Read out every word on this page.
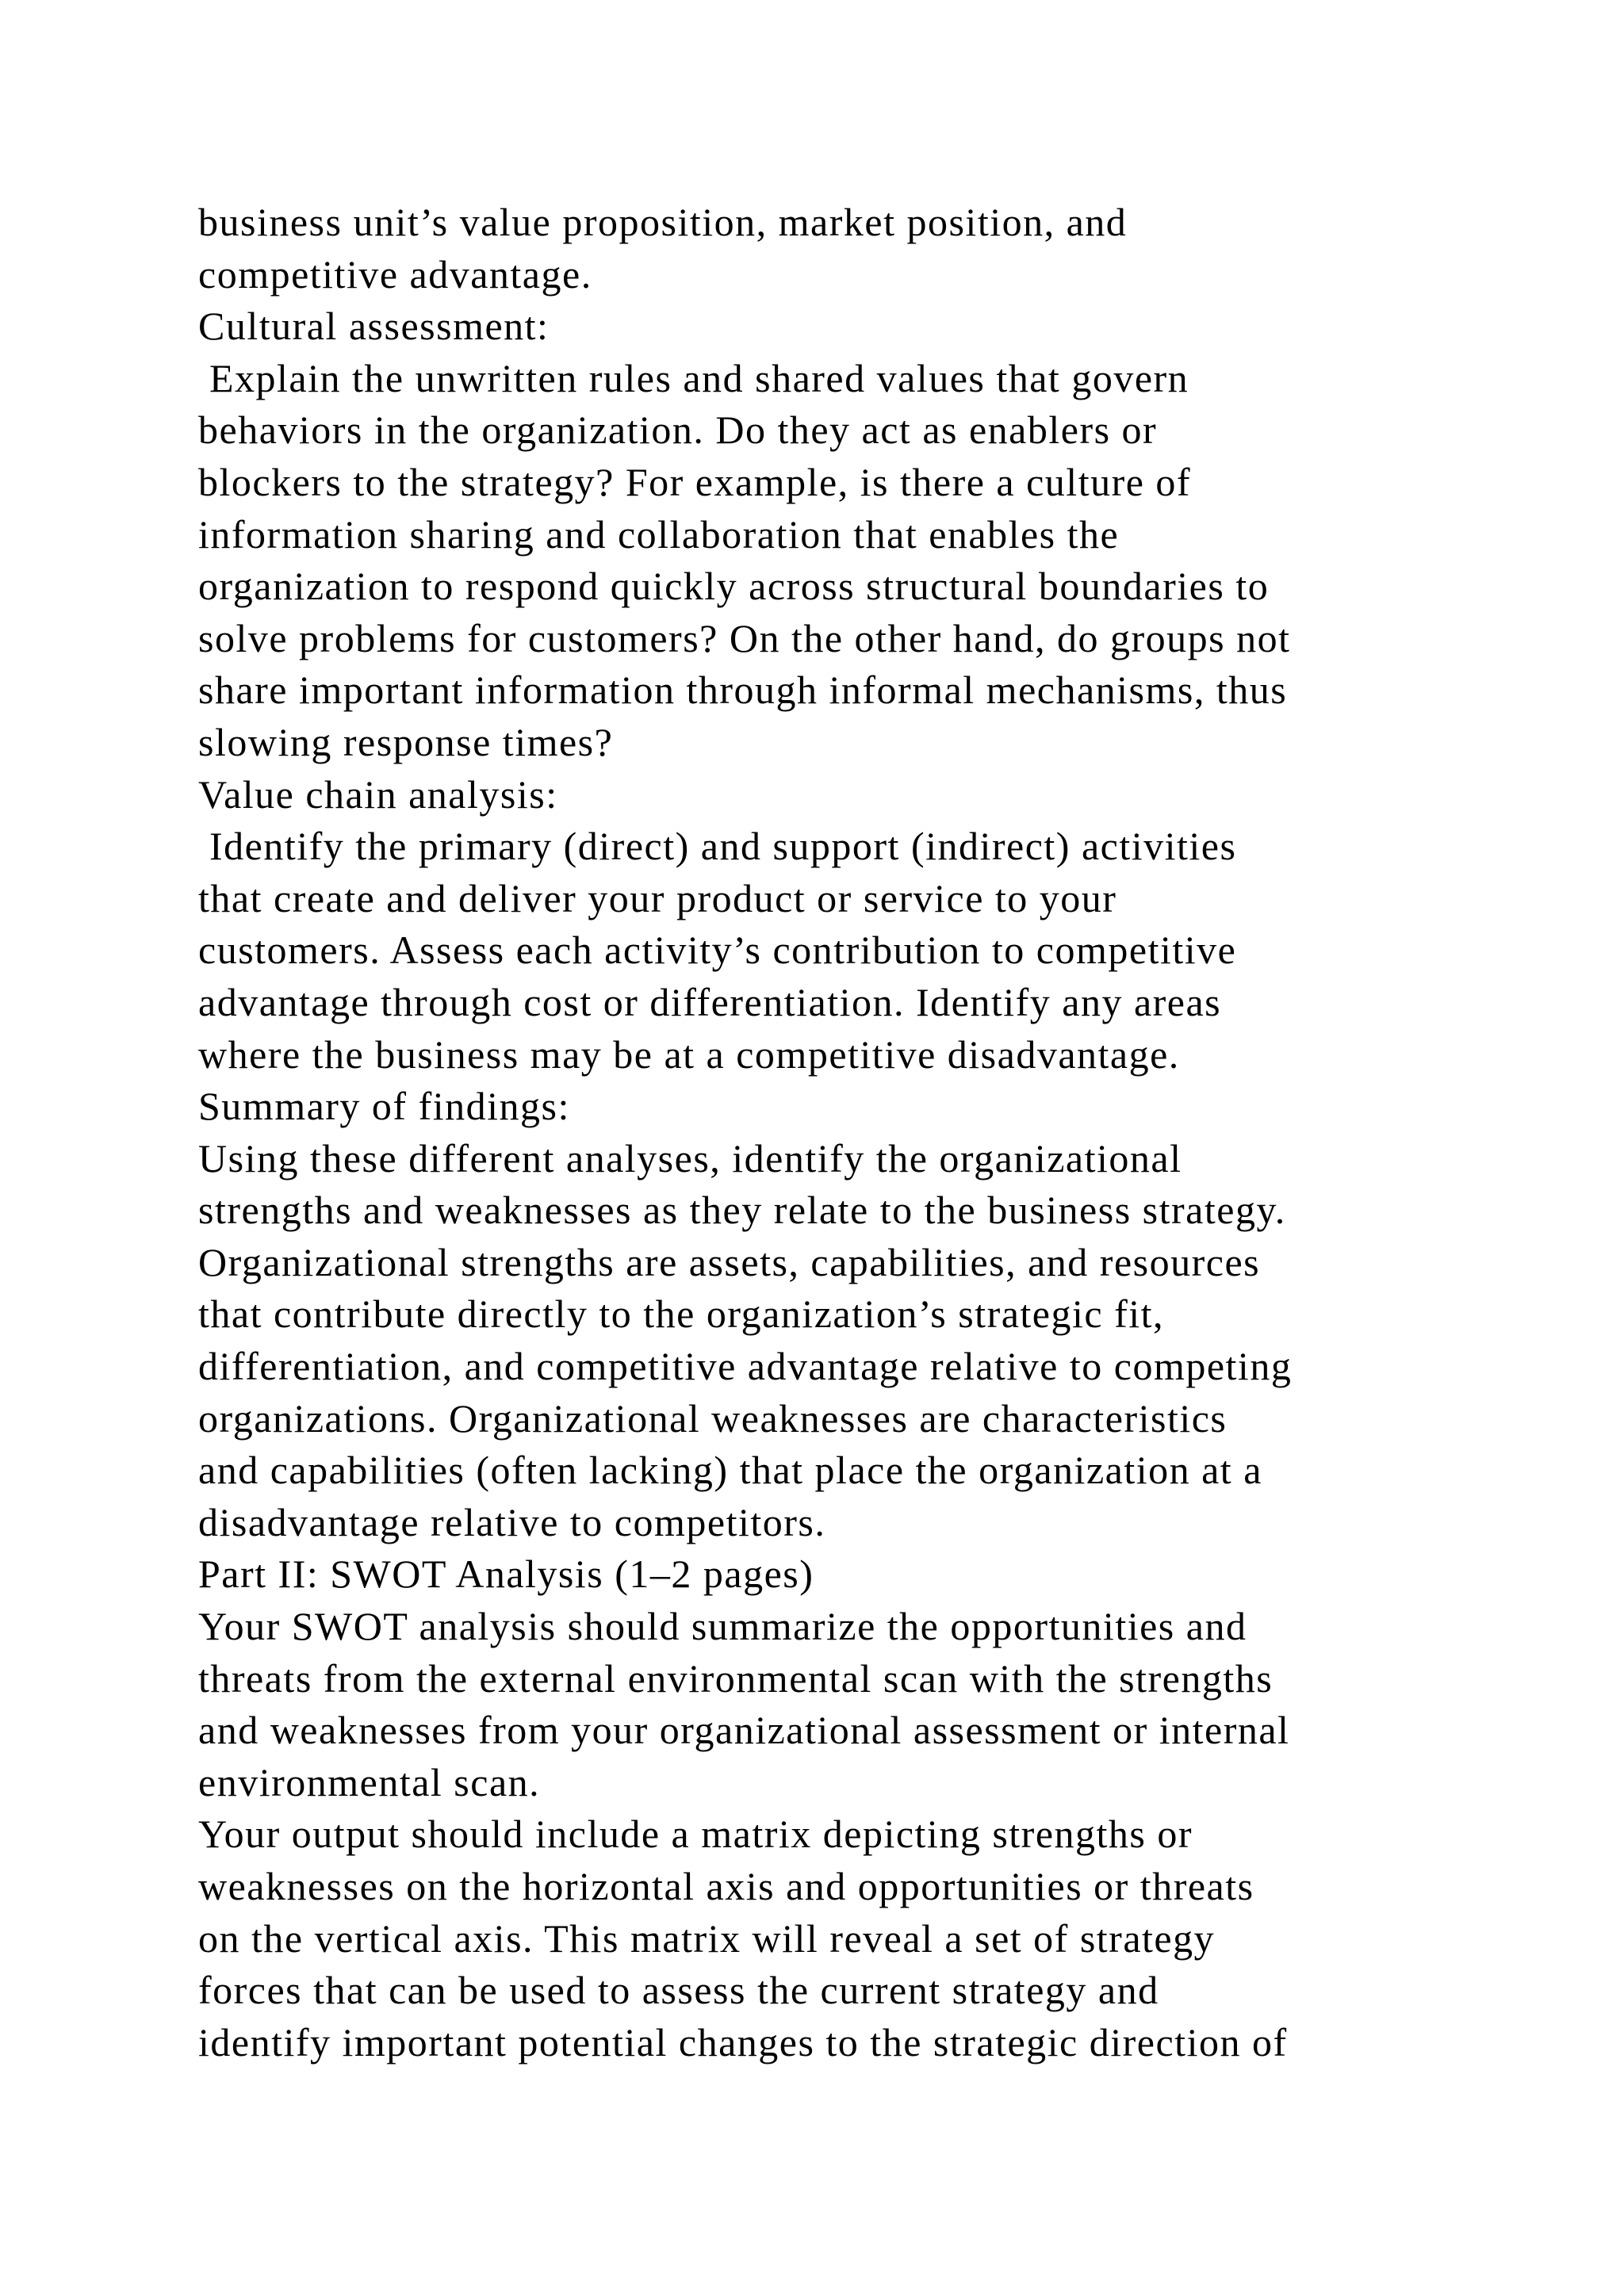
business unit’s value proposition, market position, and
competitive advantage.
Cultural assessment:
Explain the unwritten rules and shared values that govern
behaviors in the organization. Do they act as enablers or
blockers to the strategy? For example, is there a culture of
information sharing and collaboration that enables the
organization to respond quickly across structural boundaries to
solve problems for customers? On the other hand, do groups not
share important information through informal mechanisms, thus
slowing response times?
Value chain analysis:
Identify the primary (direct) and support (indirect) activities
that create and deliver your product or service to your
customers. Assess each activity’s contribution to competitive
advantage through cost or differentiation. Identify any areas
where the business may be at a competitive disadvantage.
Summary of findings:
Using these different analyses, identify the organizational
strengths and weaknesses as they relate to the business strategy.
Organizational strengths are assets, capabilities, and resources
that contribute directly to the organization’s strategic fit,
differentiation, and competitive advantage relative to competing
organizations. Organizational weaknesses are characteristics
and capabilities (often lacking) that place the organization at a
disadvantage relative to competitors.
Part II: SWOT Analysis (1–2 pages)
Your SWOT analysis should summarize the opportunities and
threats from the external environmental scan with the strengths
and weaknesses from your organizational assessment or internal
environmental scan.
Your output should include a matrix depicting strengths or
weaknesses on the horizontal axis and opportunities or threats
on the vertical axis. This matrix will reveal a set of strategy
forces that can be used to assess the current strategy and
identify important potential changes to the strategic direction of
